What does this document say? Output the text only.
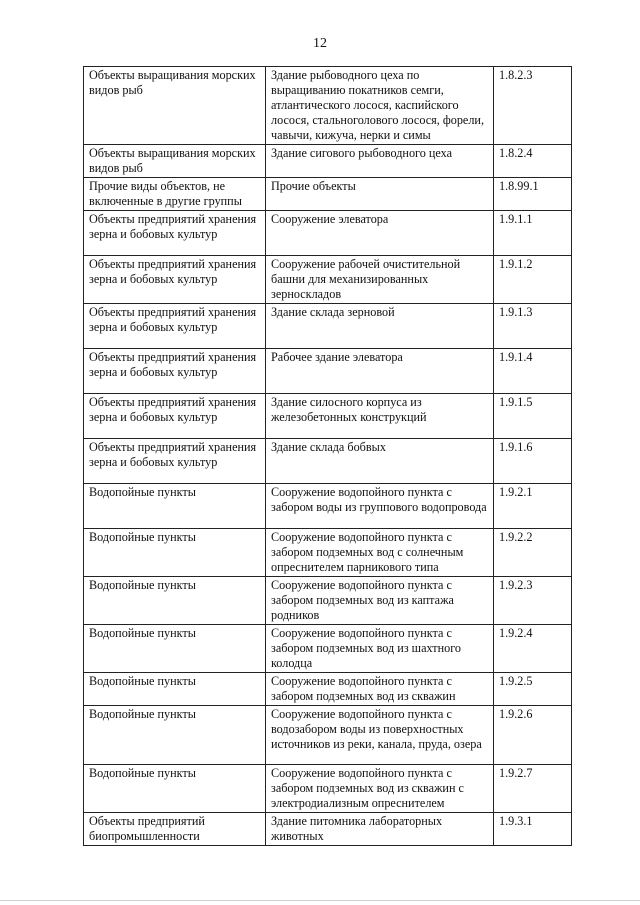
12
Объекты выращивания морских видов рыб	Здание рыбоводного цеха по выращиванию покатников семги, атлантического лосося, каспийского лосося, стальноголового лосося, форели, чавычи, кижуча, нерки и симы	1.8.2.3
Объекты выращивания морских видов рыб	Здание сигового рыбоводного цеха	1.8.2.4
Прочие виды объектов, не включенные в другие группы	Прочие объекты	1.8.99.1
Объекты предприятий хранения зерна и бобовых культур	Сооружение элеватора	1.9.1.1
Объекты предприятий хранения зерна и бобовых культур	Сооружение рабочей очистительной башни для механизированных зерноскладов	1.9.1.2
Объекты предприятий хранения зерна и бобовых культур	Здание склада зерновой	1.9.1.3
Объекты предприятий хранения зерна и бобовых культур	Рабочее здание элеватора	1.9.1.4
Объекты предприятий хранения зерна и бобовых культур	Здание силосного корпуса из железобетонных конструкций	1.9.1.5
Объекты предприятий хранения зерна и бобовых культур	Здание склада бобвых	1.9.1.6
Водопойные пункты	Сооружение водопойного пункта с забором воды из группового водопровода	1.9.2.1
Водопойные пункты	Сооружение водопойного пункта с забором подземных вод с солнечным опреснителем парникового типа	1.9.2.2
Водопойные пункты	Сооружение водопойного пункта с забором подземных вод из каптажа родников	1.9.2.3
Водопойные пункты	Сооружение водопойного пункта с забором подземных вод из шахтного колодца	1.9.2.4
Водопойные пункты	Сооружение водопойного пункта с забором подземных вод из скважин	1.9.2.5
Водопойные пункты	Сооружение водопойного пункта с водозабором воды из поверхностных источников из реки, канала, пруда, озера	1.9.2.6
Водопойные пункты	Сооружение водопойного пункта с забором подземных вод из скважин с электродиализным опреснителем	1.9.2.7
Объекты предприятий биопромышленности	Здание питомника лабораторных животных	1.9.3.1
